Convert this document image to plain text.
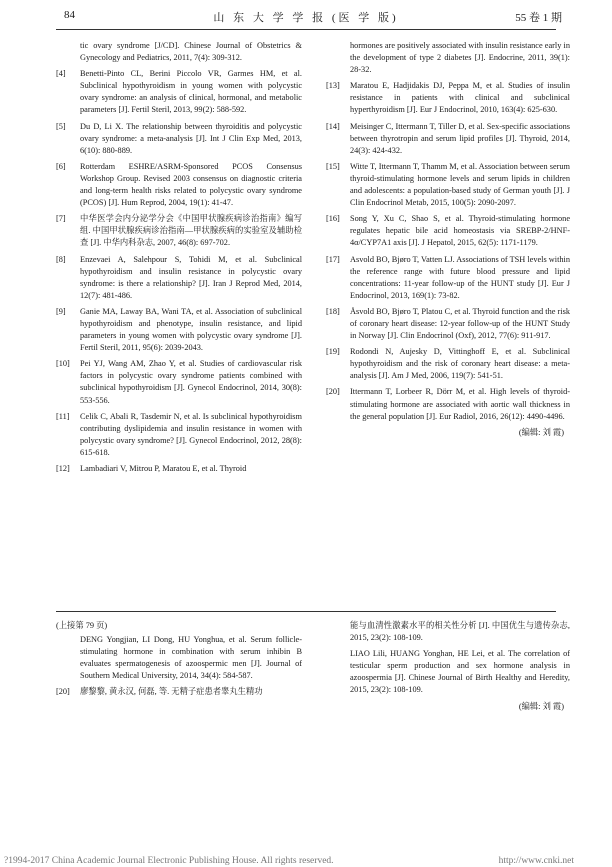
84	山 东 大 学 学 报 (医 学 版)	55 卷 1 期
tic ovary syndrome [J/CD]. Chinese Journal of Obstetrics & Gynecology and Pediatrics, 2011, 7(4): 309-312.
[4] Benetti-Pinto CL, Berini Piccolo VR, Garmes HM, et al. Subclinical hypothyroidism in young women with polycystic ovary syndrome: an analysis of clinical, hormonal, and metabolic parameters [J]. Fertil Steril, 2013, 99(2): 588-592.
[5] Du D, Li X. The relationship between thyroiditis and polycystic ovary syndrome: a meta-analysis [J]. Int J Clin Exp Med, 2013, 6(10): 880-889.
[6] Rotterdam ESHRE/ASRM-Sponsored PCOS Consensus Workshop Group. Revised 2003 consensus on diagnostic criteria and long-term health risks related to polycystic ovary syndrome (PCOS) [J]. Hum Reprod, 2004, 19(1): 41-47.
[7] 中华医学会内分泌学分会《中国甲状腺疾病诊治指南》编写组. 中国甲状腺疾病诊治指南—甲状腺疾病的实验室及辅助检查 [J]. 中华内科杂志, 2007, 46(8): 697-702.
[8] Enzevaei A, Salehpour S, Tohidi M, et al. Subclinical hypothyroidism and insulin resistance in polycystic ovary syndrome: is there a relationship? [J]. Iran J Reprod Med, 2014, 12(7): 481-486.
[9] Ganie MA, Laway BA, Wani TA, et al. Association of subclinical hypothyroidism and phenotype, insulin resistance, and lipid parameters in young women with polycystic ovary syndrome [J]. Fertil Steril, 2011, 95(6): 2039-2043.
[10] Pei YJ, Wang AM, Zhao Y, et al. Studies of cardiovascular risk factors in polycystic ovary syndrome patients combined with subclinical hypothyroidism [J]. Gynecol Endocrinol, 2014, 30(8): 553-556.
[11] Celik C, Abali R, Tasdemir N, et al. Is subclinical hypothyroidism contributing dyslipidemia and insulin resistance in women with polycystic ovary syndrome? [J]. Gynecol Endocrinol, 2012, 28(8): 615-618.
[12] Lambadiari V, Mitrou P, Maratou E, et al. Thyroid
hormones are positively associated with insulin resistance early in the development of type 2 diabetes [J]. Endocrine, 2011, 39(1): 28-32.
[13] Maratou E, Hadjidakis DJ, Peppa M, et al. Studies of insulin resistance in patients with clinical and subclinical hyperthyroidism [J]. Eur J Endocrinol, 2010, 163(4): 625-630.
[14] Meisinger C, Ittermann T, Tiller D, et al. Sex-specific associations between thyrotropin and serum lipid profiles [J]. Thyroid, 2014, 24(3): 424-432.
[15] Witte T, Ittermann T, Thamm M, et al. Association between serum thyroid-stimulating hormone levels and serum lipids in children and adolescents: a population-based study of German youth [J]. J Clin Endocrinol Metab, 2015, 100(5): 2090-2097.
[16] Song Y, Xu C, Shao S, et al. Thyroid-stimulating hormone regulates hepatic bile acid homeostasis via SREBP-2/HNF-4α/CYP7A1 axis [J]. J Hepatol, 2015, 62(5): 1171-1179.
[17] Asvold BO, Bjøro T, Vatten LJ. Associations of TSH levels within the reference range with future blood pressure and lipid concentrations: 11-year follow-up of the HUNT study [J]. Eur J Endocrinol, 2013, 169(1): 73-82.
[18] Åsvold BO, Bjøro T, Platou C, et al. Thyroid function and the risk of coronary heart disease: 12-year follow-up of the HUNT Study in Norway [J]. Clin Endocrinol (Oxf), 2012, 77(6): 911-917.
[19] Rodondi N, Aujesky D, Vittinghoff E, et al. Subclinical hypothyroidism and the risk of coronary heart disease: a meta-analysis [J]. Am J Med, 2006, 119(7): 541-51.
[20] Ittermann T, Lorbeer R, Dörr M, et al. High levels of thyroid-stimulating hormone are associated with aortic wall thickness in the general population [J]. Eur Radiol, 2016, 26(12): 4490-4496.
(编辑: 刘 霞)
(上接第 79 页)
DENG Yongjian, LI Dong, HU Yonghua, et al. Serum follicle-stimulating hormone in combination with serum inhibin B evaluates spermatogenesis of azoospermic men [J]. Journal of Southern Medical University, 2014, 34(4): 584-587.
[20] 廖黎黎, 黄永汉, 何磊, 等. 无精子症患者睾丸生精功
能与血清性激素水平的相关性分析 [J]. 中国优生与遗传杂志, 2015, 23(2): 108-109.
LIAO Lili, HUANG Yonghan, HE Lei, et al. The correlation of testicular sperm production and sex hormone analysis in azoospermia [J]. Chinese Journal of Birth Healthy and Heredity, 2015, 23(2): 108-109.
(编辑: 刘 霞)
?1994-2017 China Academic Journal Electronic Publishing House. All rights reserved.	http://www.cnki.net
